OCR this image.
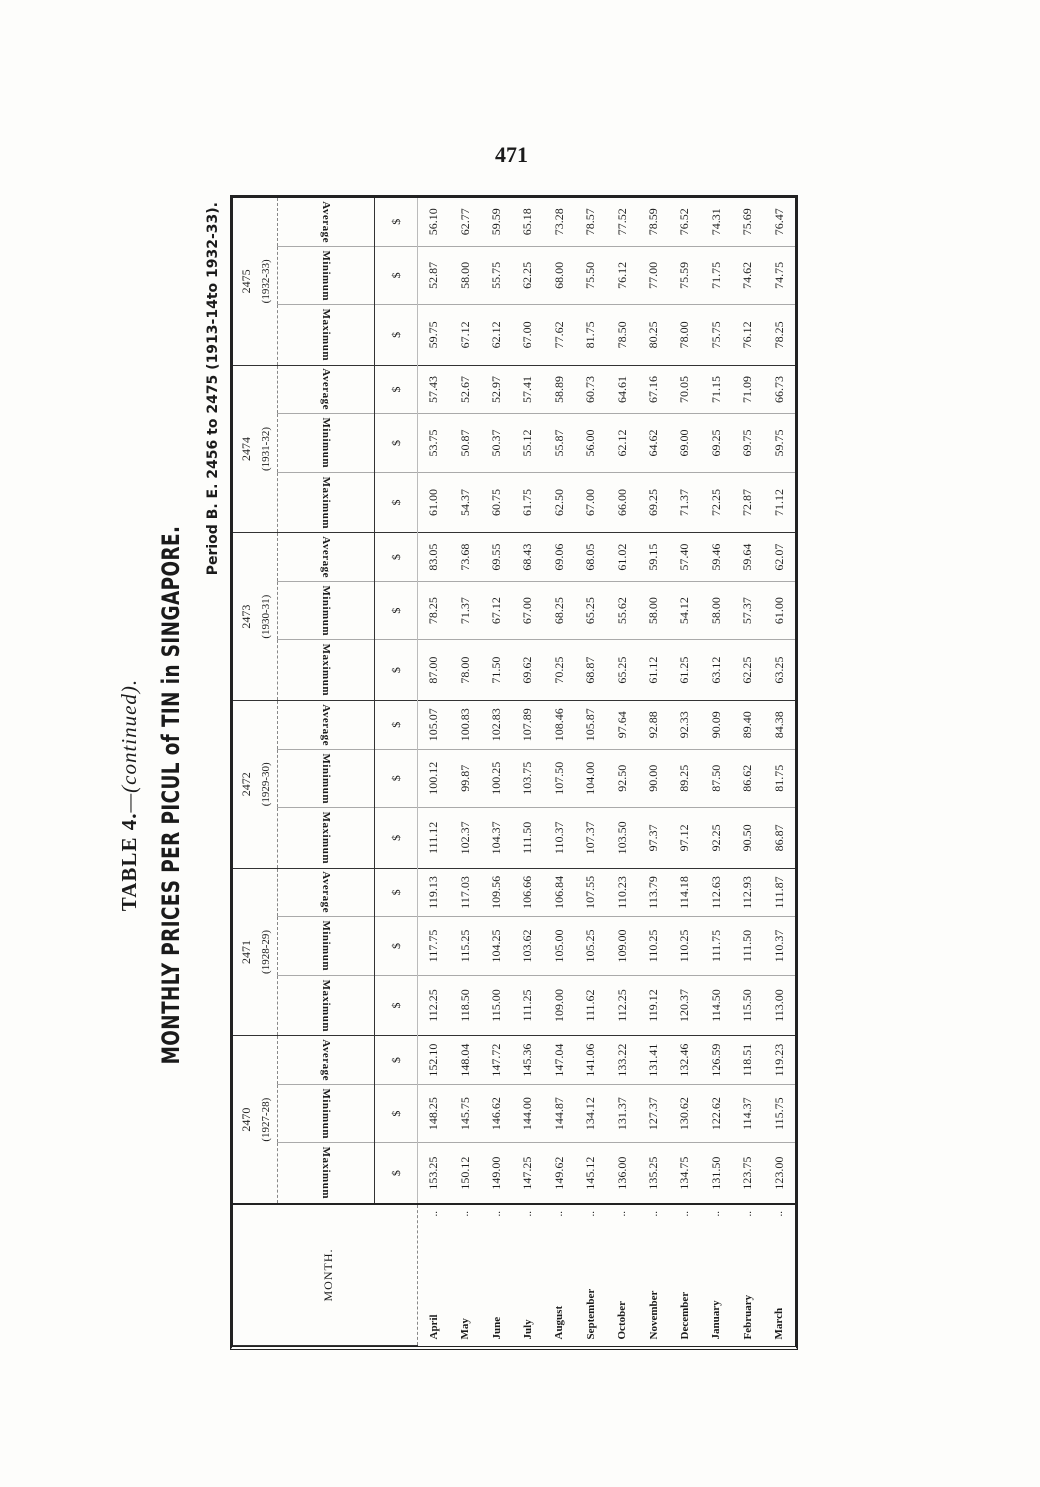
471
TABLE 4.—(continued). MONTHLY PRICES PER PICUL of TIN in SINGAPORE.
Period B. E. 2456 to 2475 (1913-14to 1932-33).
MONTH.	2470 (1927-28)			2471 (1928-29)			2472 (1929-30)			2473 (1930-31)			2474 (1931-32)			2475 (1932-33)		

	Maximum	Minimum	Average	Maximum	Minimum	Average	Maximum	Minimum	Average	Maximum	Minimum	Average	Maximum	Minimum	Average	Maximum	Minimum	Average
	$	$	$	$	$	$	$	$	$	$	$	$	$	$	$	$	$	$
April
..	153.25	148.25	152.10	112.25	117.75	119.13	111.12	100.12	105.07	87.00	78.25	83.05	61.00	53.75	57.43	59.75	52.87	56.10
May
..	150.12	145.75	148.04	118.50	115.25	117.03	102.37	99.87	100.83	78.00	71.37	73.68	54.37	50.87	52.67	67.12	58.00	62.77
June
..	149.00	146.62	147.72	115.00	104.25	109.56	104.37	100.25	102.83	71.50	67.12	69.55	60.75	50.37	52.97	62.12	55.75	59.59
July
..	147.25	144.00	145.36	111.25	103.62	106.66	111.50	103.75	107.89	69.62	67.00	68.43	61.75	55.12	57.41	67.00	62.25	65.18
August
..	149.62	144.87	147.04	109.00	105.00	106.84	110.37	107.50	108.46	70.25	68.25	69.06	62.50	55.87	58.89	77.62	68.00	73.28
September
..	145.12	134.12	141.06	111.62	105.25	107.55	107.37	104.00	105.87	68.87	65.25	68.05	67.00	56.00	60.73	81.75	75.50	78.57
October
..	136.00	131.37	133.22	112.25	109.00	110.23	103.50	92.50	97.64	65.25	55.62	61.02	66.00	62.12	64.61	78.50	76.12	77.52
November
..	135.25	127.37	131.41	119.12	110.25	113.79	97.37	90.00	92.88	61.12	58.00	59.15	69.25	64.62	67.16	80.25	77.00	78.59
December
..	134.75	130.62	132.46	120.37	110.25	114.18	97.12	89.25	92.33	61.25	54.12	57.40	71.37	69.00	70.05	78.00	75.59	76.52
January
..	131.50	122.62	126.59	114.50	111.75	112.63	92.25	87.50	90.09	63.12	58.00	59.46	72.25	69.25	71.15	75.75	71.75	74.31
February
..	123.75	114.37	118.51	115.50	111.50	112.93	90.50	86.62	89.40	62.25	57.37	59.64	72.87	69.75	71.09	76.12	74.62	75.69
March
..	123.00	115.75	119.23	113.00	110.37	111.87	86.87	81.75	84.38	63.25	61.00	62.07	71.12	59.75	66.73	78.25	74.75	76.47
